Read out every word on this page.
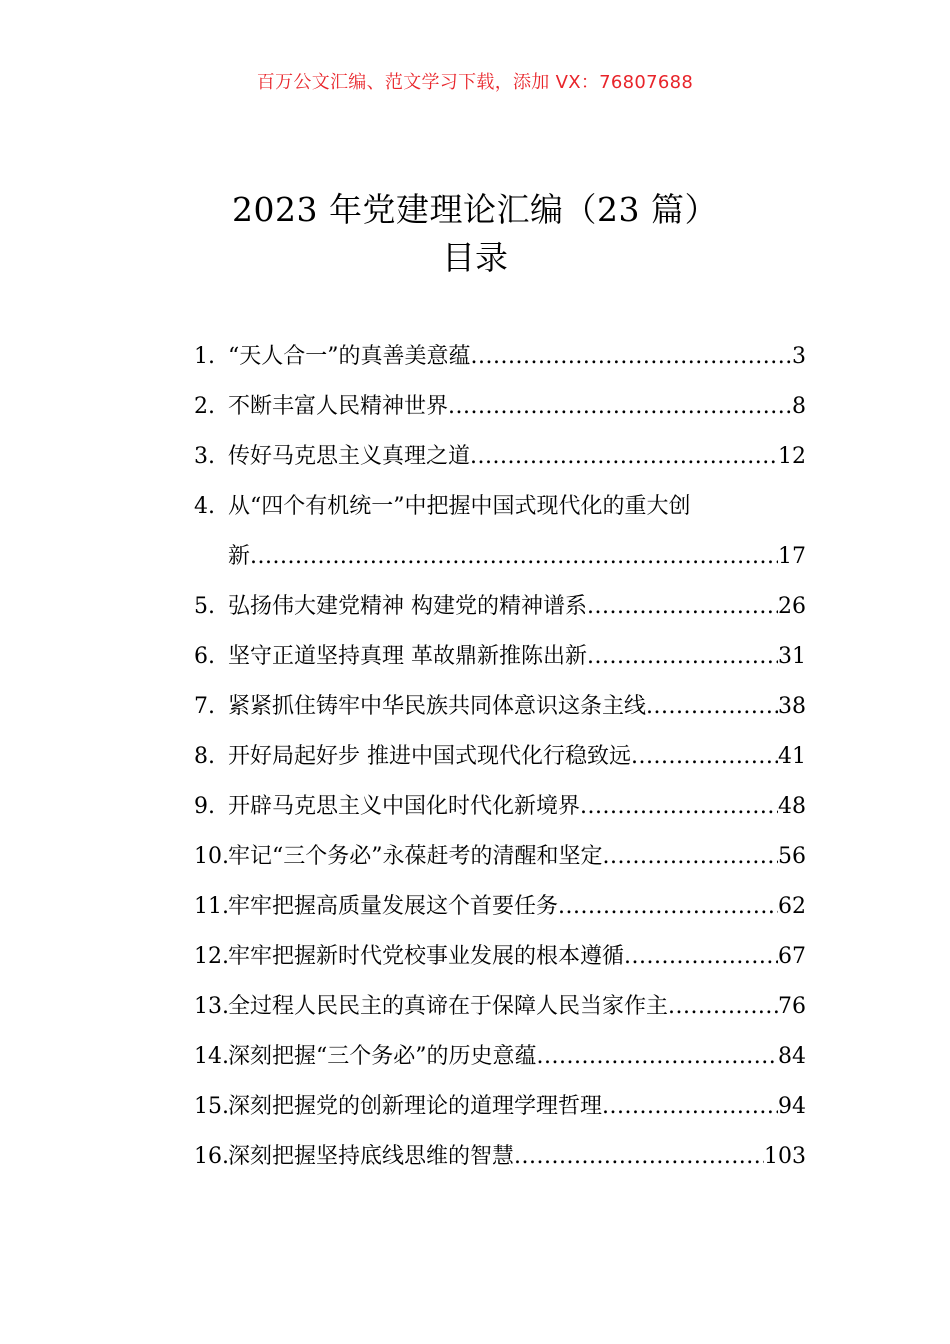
百万公文汇编、范文学习下载，添加 VX：76807688
2023 年党建理论汇编（23 篇）
目录
1. “天人合一”的真善美意蕴 .....	3
2. 不断丰富人民精神世界 .....	8
3. 传好马克思主义真理之道 .....	12
4. 从“四个有机统一”中把握中国式现代化的重大创
新 .....	17
5. 弘扬伟大建党精神 构建党的精神谱系 .....	26
6. 坚守正道坚持真理 革故鼎新推陈出新 .....	31
7. 紧紧抓住铸牢中华民族共同体意识这条主线 .....	38
8. 开好局起好步 推进中国式现代化行稳致远 .....	41
9. 开辟马克思主义中国化时代化新境界 .....	48
10. 牢记“三个务必”永葆赶考的清醒和坚定 .....	56
11. 牢牢把握高质量发展这个首要任务 .....	62
12. 牢牢把握新时代党校事业发展的根本遵循 .....	67
13. 全过程人民民主的真谛在于保障人民当家作主 .....	76
14. 深刻把握“三个务必”的历史意蕴 .....	84
15. 深刻把握党的创新理论的道理学理哲理 .....	94
16. 深刻把握坚持底线思维的智慧 .....	103
